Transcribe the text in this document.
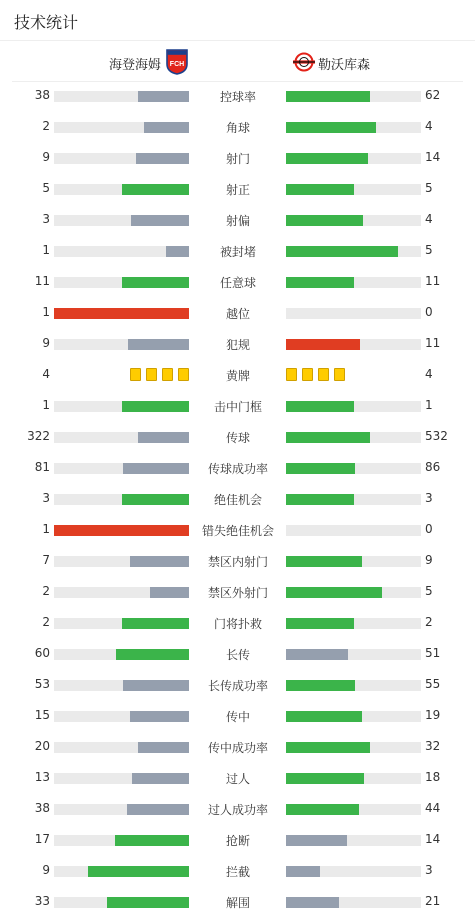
技术统计
海登海姆 FCH	勒沃库森
38	控球率	62
2	角球	4
9	射门	14
5	射正	5
3	射偏	4
1	被封堵	5
11	任意球	11
1	越位	0
9	犯规	11
4	黄牌	4
1	击中门框	1
322	传球	532
81	传球成功率	86
3	绝佳机会	3
1	错失绝佳机会	0
7	禁区内射门	9
2	禁区外射门	5
2	门将扑救	2
60	长传	51
53	长传成功率	55
15	传中	19
20	传中成功率	32
13	过人	18
38	过人成功率	44
17	抢断	14
9	拦截	3
33	解围	21
